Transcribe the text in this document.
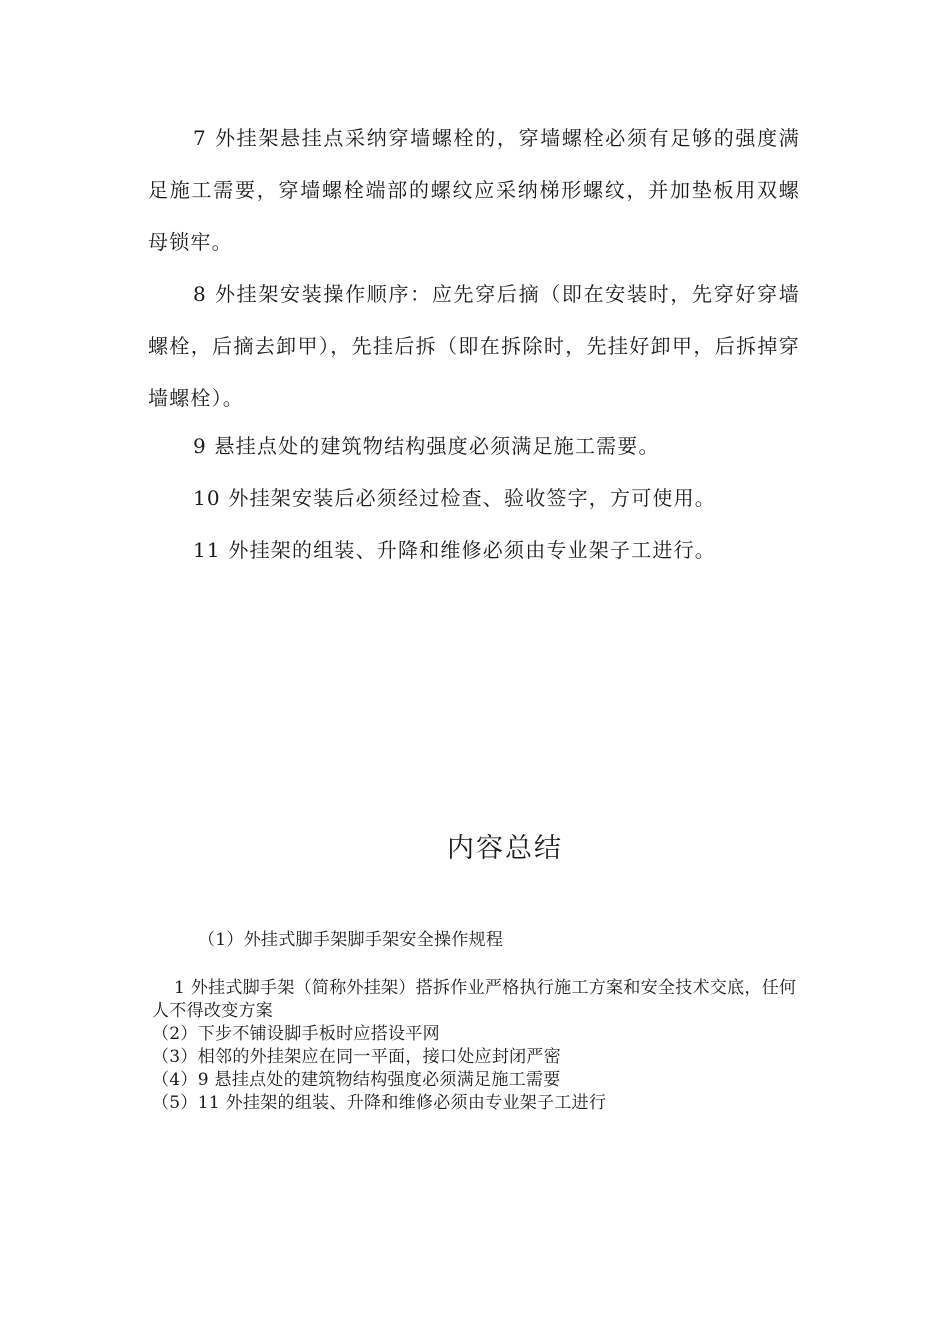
7 外挂架悬挂点采纳穿墙螺栓的，穿墙螺栓必须有足够的强度满足施工需要，穿墙螺栓端部的螺纹应采纳梯形螺纹，并加垫板用双螺母锁牢。

8 外挂架安装操作顺序：应先穿后摘（即在安装时，先穿好穿墙螺栓，后摘去卸甲），先挂后拆（即在拆除时，先挂好卸甲，后拆掉穿墙螺栓）。

9 悬挂点处的建筑物结构强度必须满足施工需要。

10 外挂架安装后必须经过检查、验收签字，方可使用。

11 外挂架的组装、升降和维修必须由专业架子工进行。

内容总结
（1）外挂式脚手架脚手架安全操作规程

1 外挂式脚手架（简称外挂架）搭拆作业严格执行施工方案和安全技术交底，任何人不得改变方案

（2）下步不铺设脚手板时应搭设平网

（3）相邻的外挂架应在同一平面，接口处应封闭严密

（4）9 悬挂点处的建筑物结构强度必须满足施工需要

（5）11 外挂架的组装、升降和维修必须由专业架子工进行
